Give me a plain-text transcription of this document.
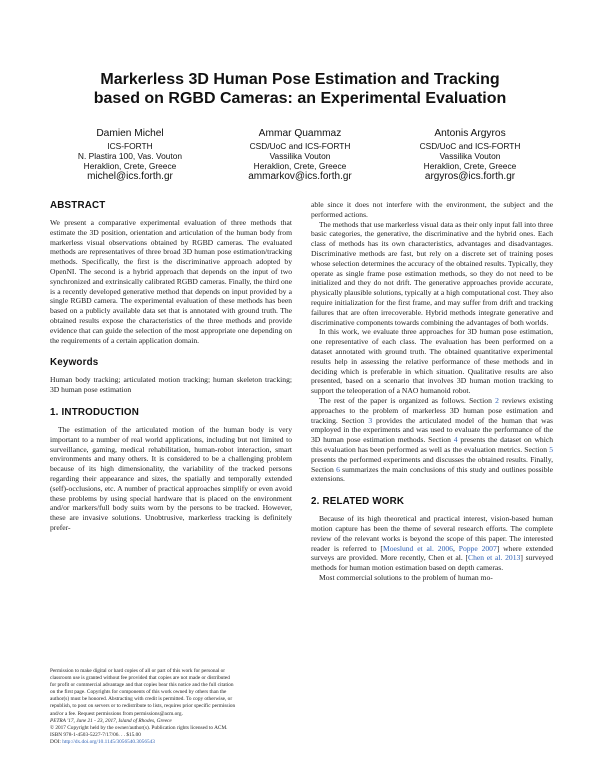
Markerless 3D Human Pose Estimation and Tracking
based on RGBD Cameras: an Experimental Evaluation
Damien Michel
ICS-FORTH
N. Plastira 100, Vas. Vouton
Heraklion, Crete, Greece
michel@ics.forth.gr
Ammar Quammaz
CSD/UoC and ICS-FORTH
Vassilika Vouton
Heraklion, Crete, Greece
ammarkov@ics.forth.gr
Antonis Argyros
CSD/UoC and ICS-FORTH
Vassilika Vouton
Heraklion, Crete, Greece
argyros@ics.forth.gr
ABSTRACT

We present a comparative experimental evaluation of three methods that estimate the 3D position, orientation and articulation of the human body from markerless visual observations obtained by RGBD cameras. The evaluated methods are representatives of three broad 3D human pose estimation/tracking methods. Specifically, the first is the discriminative approach adopted by OpenNI. The second is a hybrid approach that depends on the input of two synchronized and extrinsically calibrated RGBD cameras. Finally, the third one is a recently developed generative method that depends on input provided by a single RGBD camera. The experimental evaluation of these methods has been based on a publicly available data set that is annotated with ground truth. The obtained results expose the characteristics of the three methods and provide evidence that can guide the selection of the most appropriate one depending on the requirements of a certain application domain.

Keywords

Human body tracking; articulated motion tracking; human skeleton tracking; 3D human pose estimation

1. INTRODUCTION

The estimation of the articulated motion of the human body is very important to a number of real world applications, including but not limited to surveillance, gaming, medical rehabilitation, human-robot interaction, smart environments and many others. It is considered to be a challenging problem because of its high dimensionality, the variability of the tracked persons regarding their appearance and sizes, the spatially and temporally extended (self)-occlusions, etc. A number of practical approaches simplify or even avoid these problems by using special hardware that is placed on the environment and/or markers/full body suits worn by the persons to be tracked. However, these are invasive solutions. Unobtrusive, markerless tracking is definitely prefer-

Permission to make digital or hard copies of all or part of this work for personal or
classroom use is granted without fee provided that copies are not made or distributed
for profit or commercial advantage and that copies bear this notice and the full citation
on the first page. Copyrights for components of this work owned by others than the
author(s) must be honored. Abstracting with credit is permitted. To copy otherwise, or
republish, to post on servers or to redistribute to lists, requires prior specific permission
and/or a fee. Request permissions from permissions@acm.org.
PETRA '17, June 21 - 23, 2017, Island of Rhodes, Greece
© 2017 Copyright held by the owner/author(s). Publication rights licensed to ACM.
ISBN 978-1-4503-5227-7/17/06. . . $15.00
DOI: http://dx.doi.org/10.1145/3056540.3056543

able since it does not interfere with the environment, the subject and the performed actions.

The methods that use markerless visual data as their only input fall into three basic categories, the generative, the discriminative and the hybrid ones. Each class of methods has its own characteristics, advantages and disadvantages. Discriminative methods are fast, but rely on a discrete set of training poses whose selection determines the accuracy of the obtained results. Typically, they operate as single frame pose estimation methods, so they do not need to be initialized and they do not drift. The generative approaches provide accurate, physically plausible solutions, typically at a high computational cost. They also require initialization for the first frame, and may suffer from drift and tracking failures that are often irrecoverable. Hybrid methods integrate generative and discriminative components towards combining the advantages of both worlds.

In this work, we evaluate three approaches for 3D human pose estimation, one representative of each class. The evaluation has been performed on a dataset annotated with ground truth. The obtained quantitative experimental results help in assessing the relative performance of these methods and in deciding which is preferable in which situation. Qualitative results are also presented, based on a scenario that involves 3D human motion tracking to support the teleoperation of a NAO humanoid robot.

The rest of the paper is organized as follows. Section 2 reviews existing approaches to the problem of markerless 3D human pose estimation and tracking. Section 3 provides the articulated model of the human that was employed in the experiments and was used to evaluate the performance of the 3D human pose estimation methods. Section 4 presents the dataset on which this evaluation has been performed as well as the evaluation metrics. Section 5 presents the performed experiments and discusses the obtained results. Finally, Section 6 summarizes the main conclusions of this study and outlines possible extensions.

2. RELATED WORK

Because of its high theoretical and practical interest, vision-based human motion capture has been the theme of several research efforts. The complete review of the relevant works is beyond the scope of this paper. The interested reader is referred to [Moeslund et al. 2006, Poppe 2007] where extended surveys are provided. More recently, Chen et al. [Chen et al. 2013] surveyed methods for human motion estimation based on depth cameras.

Most commercial solutions to the problem of human mo-
